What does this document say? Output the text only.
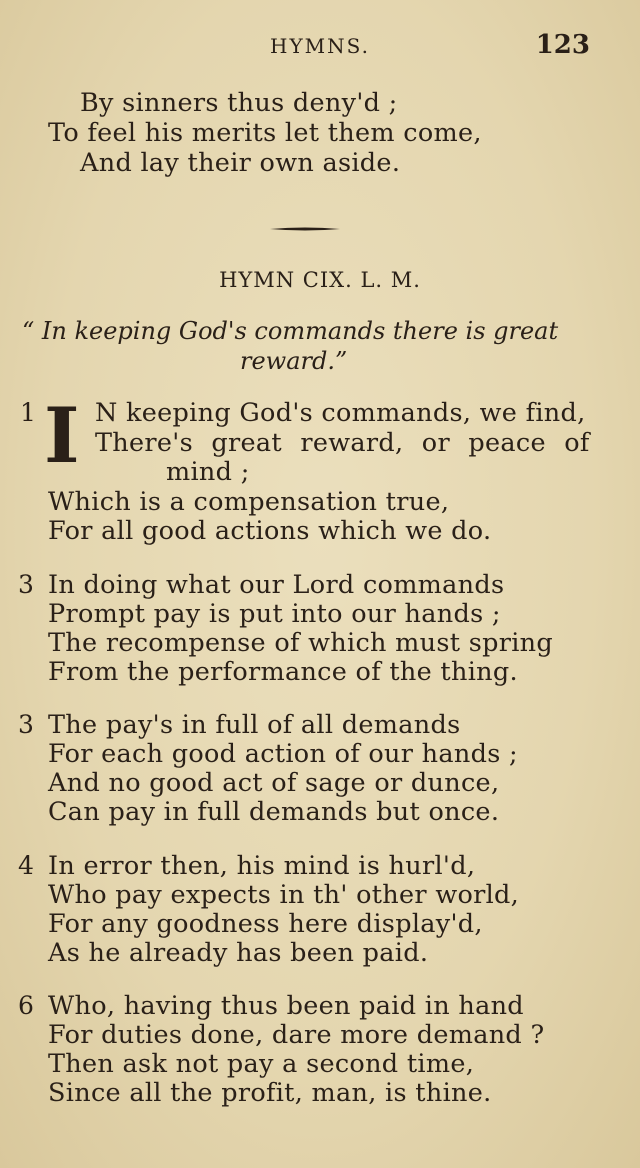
HYMNS.	123
By sinners thus deny'd ;
To feel his merits let them come,
And lay their own aside.
HYMN CIX. L. M.
“ In keeping God's commands there is great
reward.”
1 I N keeping God's commands, we find,
There's great reward, or peace of
mind ;
Which is a compensation true,
For all good actions which we do.
3 In doing what our Lord commands
Prompt pay is put into our hands ;
The recompense of which must spring
From the performance of the thing.
3 The pay's in full of all demands
For each good action of our hands ;
And no good act of sage or dunce,
Can pay in full demands but once.
4 In error then, his mind is hurl'd,
Who pay expects in th' other world,
For any goodness here display'd,
As he already has been paid.
6 Who, having thus been paid in hand
For duties done, dare more demand ?
Then ask not pay a second time,
Since all the profit, man, is thine.
